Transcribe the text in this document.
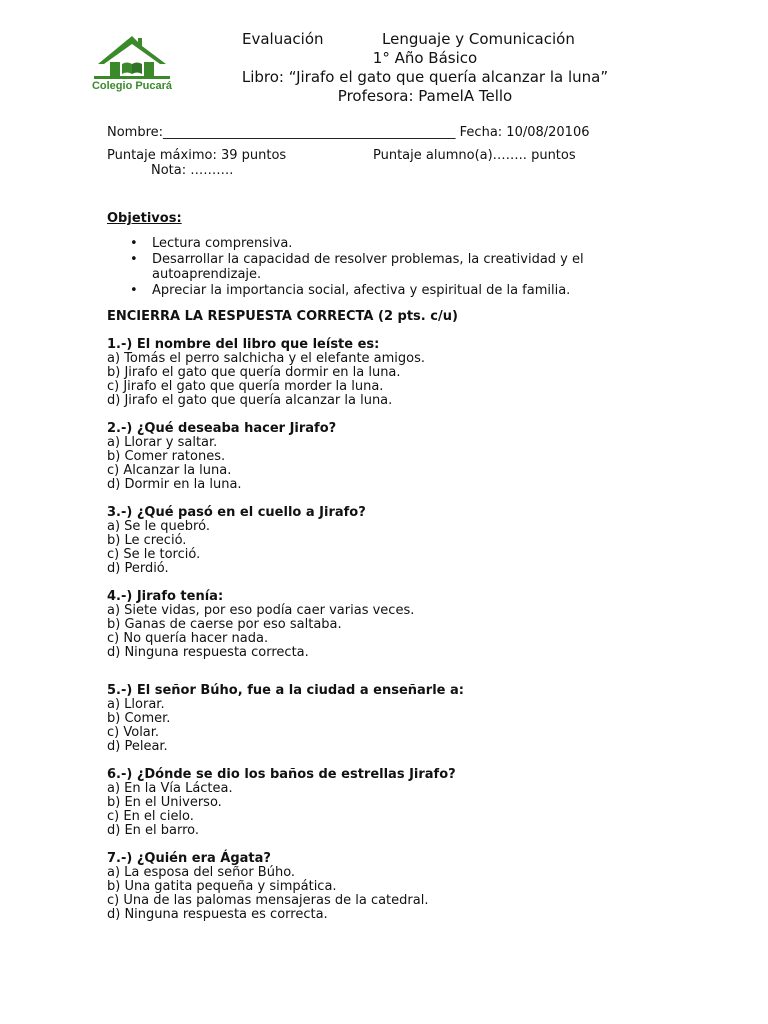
Colegio Pucará
Evaluación	Lenguaje y Comunicación
1° Año Básico
Libro: “Jirafo el gato que quería alcanzar la luna”
Profesora: PamelA Tello
Nombre:_____________________________________________ Fecha: 10/08/20106
Puntaje máximo: 39 puntos	Puntaje alumno(a)…….. puntos
Nota: ……….
Objetivos:
• Lectura comprensiva.
• Desarrollar la capacidad de resolver problemas, la creatividad y el autoaprendizaje.
• Apreciar la importancia social, afectiva y espiritual de la familia.
ENCIERRA LA RESPUESTA CORRECTA (2 pts. c/u)
1.-) El nombre del libro que leíste es:
a) Tomás el perro salchicha y el elefante amigos.
b) Jirafo el gato que quería dormir en la luna.
c) Jirafo el gato que quería morder la luna.
d) Jirafo el gato que quería alcanzar la luna.
2.-) ¿Qué deseaba hacer Jirafo?
a) Llorar y saltar.
b) Comer ratones.
c) Alcanzar la luna.
d) Dormir en la luna.
3.-) ¿Qué pasó en el cuello a Jirafo?
a) Se le quebró.
b) Le creció.
c) Se le torció.
d) Perdió.
4.-) Jirafo tenía:
a) Siete vidas, por eso podía caer varias veces.
b) Ganas de caerse por eso saltaba.
c) No quería hacer nada.
d) Ninguna respuesta correcta.
5.-) El señor Búho, fue a la ciudad a enseñarle a:
a) Llorar.
b) Comer.
c) Volar.
d) Pelear.
6.-) ¿Dónde se dio los baños de estrellas Jirafo?
a) En la Vía Láctea.
b) En el Universo.
c) En el cielo.
d) En el barro.
7.-) ¿Quién era Ágata?
a) La esposa del señor Búho.
b) Una gatita pequeña y simpática.
c) Una de las palomas mensajeras de la catedral.
d) Ninguna respuesta es correcta.
